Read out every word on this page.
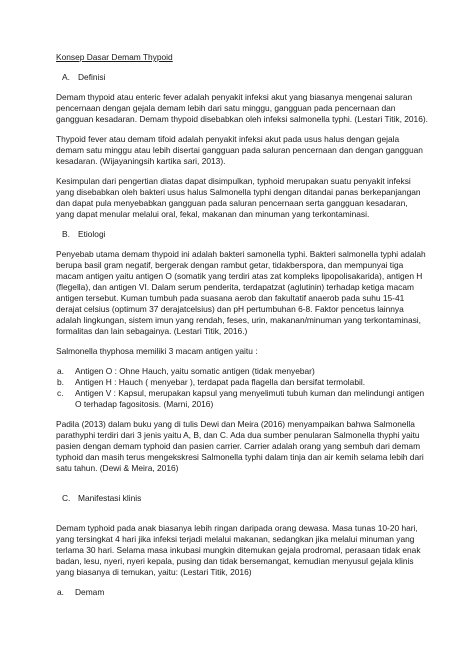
Konsep Dasar Demam Thypoid

A. Definisi

Demam thypoid atau enteric fever adalah penyakit infeksi akut yang biasanya mengenai saluran pencernaan dengan gejala demam lebih dari satu minggu, gangguan pada pencernaan dan gangguan kesadaran. Demam thypoid disebabkan oleh infeksi salmonella typhi. (Lestari Titik, 2016).

Thypoid fever atau demam tifoid adalah penyakit infeksi akut pada usus halus dengan gejala demam satu minggu atau lebih disertai gangguan pada saluran pencernaan dan dengan gangguan kesadaran. (Wijayaningsih kartika sari, 2013).

Kesimpulan dari pengertian diatas dapat disimpulkan, typhoid merupakan suatu penyakit infeksi yang disebabkan oleh bakteri usus halus Salmonella typhi dengan ditandai panas berkepanjangan dan dapat pula menyebabkan gangguan pada saluran pencernaan serta gangguan kesadaran, yang dapat menular melalui oral, fekal, makanan dan minuman yang terkontaminasi.

B. Etiologi

Penyebab utama demam thypoid ini adalah bakteri samonella typhi. Bakteri salmonella typhi adalah berupa basil gram negatif, bergerak dengan rambut getar, tidakberspora, dan mempunyai tiga macam antigen yaitu antigen O (somatik yang terdiri atas zat kompleks lipopolisakarida), antigen H (flegella), dan antigen VI. Dalam serum penderita, terdapatzat (aglutinin) terhadap ketiga macam antigen tersebut. Kuman tumbuh pada suasana aerob dan fakultatif anaerob pada suhu 15-41 derajat celsius (optimum 37 derajatcelsius) dan pH pertumbuhan 6-8. Faktor pencetus lainnya adalah lingkungan, sistem imun yang rendah, feses, urin, makanan/minuman yang terkontaminasi, formalitas dan lain sebagainya. (Lestari Titik, 2016.)

Salmonella thyphosa memiliki 3 macam antigen yaitu :

a.	Antigen O : Ohne Hauch, yaitu somatic antigen (tidak menyebar)
b.	Antigen H : Hauch ( menyebar ), terdapat pada flagella dan bersifat termolabil.
c.	Antigen V : Kapsul, merupakan kapsul yang menyelimuti tubuh kuman dan melindungi antigen O terhadap fagositosis. (Marni, 2016)

Padila (2013) dalam buku yang di tulis Dewi dan Meira (2016) menyampaikan bahwa Salmonella parathyphi terdiri dari 3 jenis yaitu A, B, dan C. Ada dua sumber penularan Salmonella thyphi yaitu pasien dengan demam typhoid dan pasien carrier. Carrier adalah orang yang sembuh dari demam typhoid dan masih terus mengekskresi Salmonella typhi dalam tinja dan air kemih selama lebih dari satu tahun. (Dewi & Meira, 2016)

C. Manifestasi klinis

Demam typhoid pada anak biasanya lebih ringan daripada orang dewasa. Masa tunas 10-20 hari, yang tersingkat 4 hari jika infeksi terjadi melalui makanan, sedangkan jika melalui minuman yang terlama 30 hari. Selama masa inkubasi mungkin ditemukan gejala prodromal, perasaan tidak enak badan, lesu, nyeri, nyeri kepala, pusing dan tidak bersemangat, kemudian menyusul gejala klinis yang biasanya di temukan, yaitu: (Lestari Titik, 2016)

a.	Demam
